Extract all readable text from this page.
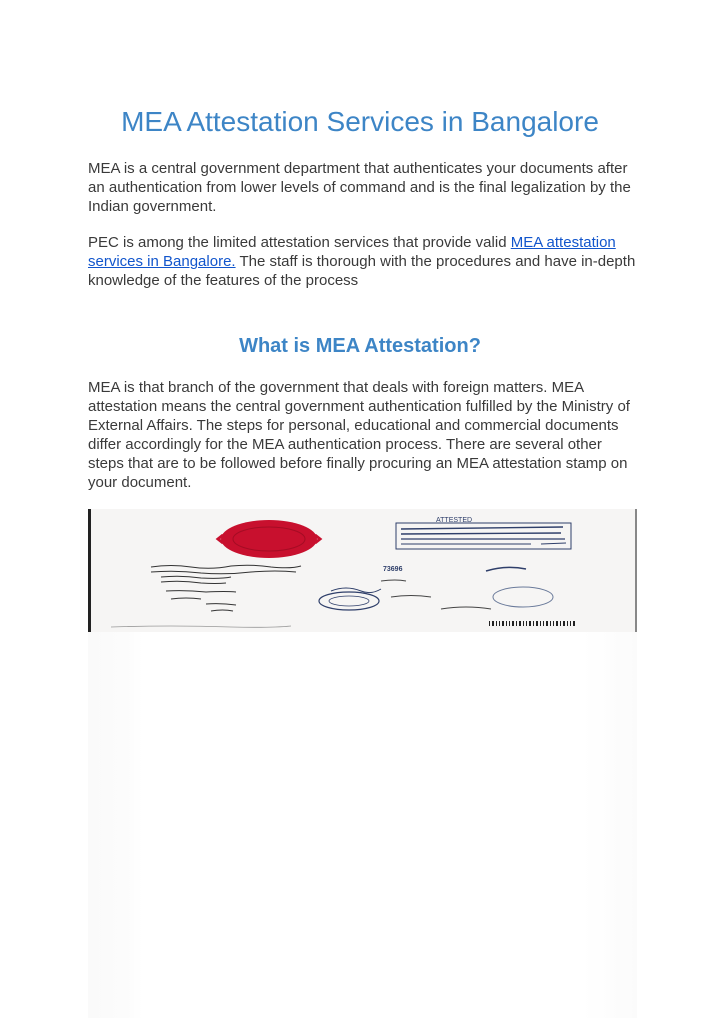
MEA Attestation Services in Bangalore

MEA is a central government department that authenticates your documents after an authentication from lower levels of command and is the final legalization by the Indian government.

PEC is among the limited attestation services that provide valid MEA attestation services in Bangalore. The staff is thorough with the procedures and have in-depth knowledge of the features of the process

What is MEA Attestation?

MEA is that branch of the government that deals with foreign matters. MEA attestation means the central government authentication fulfilled by the Ministry of External Affairs. The steps for personal, educational and commercial documents differ accordingly for the MEA authentication process. There are several other steps that are to be followed before finally procuring an MEA attestation stamp on your document.

ATTESTED
73696
